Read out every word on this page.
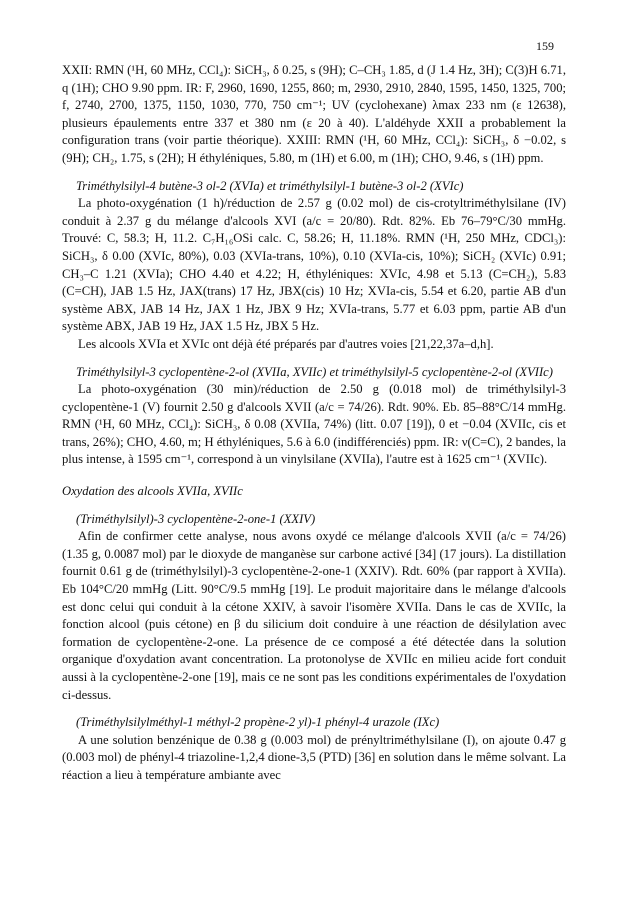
159

XXII: RMN (¹H, 60 MHz, CCl₄): SiCH₃, δ 0.25, s (9H); C–CH₃ 1.85, d (J 1.4 Hz, 3H); C(3)H 6.71, q (1H); CHO 9.90 ppm. IR: F, 2960, 1690, 1255, 860; m, 2930, 2910, 2840, 1595, 1450, 1325, 700; f, 2740, 2700, 1375, 1150, 1030, 770, 750 cm⁻¹; UV (cyclohexane) λmax 233 nm (ε 12638), plusieurs épaulements entre 337 et 380 nm (ε 20 à 40). L'aldéhyde XXII a probablement la configuration trans (voir partie théorique). XXIII: RMN (¹H, 60 MHz, CCl₄): SiCH₃, δ −0.02, s (9H); CH₂, 1.75, s (2H); H éthyléniques, 5.80, m (1H) et 6.00, m (1H); CHO, 9.46, s (1H) ppm.

Triméthylsilyl-4 butène-3 ol-2 (XVIa) et triméthylsilyl-1 butène-3 ol-2 (XVIc)

La photo-oxygénation (1 h)/réduction de 2.57 g (0.02 mol) de cis-crotyltriméthylsilane (IV) conduit à 2.37 g du mélange d'alcools XVI (a/c = 20/80). Rdt. 82%. Eb 76–79°C/30 mmHg. Trouvé: C, 58.3; H, 11.2. C₇H₁₆OSi calc. C, 58.26; H, 11.18%. RMN (¹H, 250 MHz, CDCl₃): SiCH₃, δ 0.00 (XVIc, 80%), 0.03 (XVIa-trans, 10%), 0.10 (XVIa-cis, 10%); SiCH₂ (XVIc) 0.91; CH₃–C 1.21 (XVIa); CHO 4.40 et 4.22; H, éthyléniques: XVIc, 4.98 et 5.13 (C=CH₂), 5.83 (C=CH), JAB 1.5 Hz, JAX(trans) 17 Hz, JBX(cis) 10 Hz; XVIa-cis, 5.54 et 6.20, partie AB d'un système ABX, JAB 14 Hz, JAX 1 Hz, JBX 9 Hz; XVIa-trans, 5.77 et 6.03 ppm, partie AB d'un système ABX, JAB 19 Hz, JAX 1.5 Hz, JBX 5 Hz.

Les alcools XVIa et XVIc ont déjà été préparés par d'autres voies [21,22,37a–d,h].

Triméthylsilyl-3 cyclopentène-2-ol (XVIIa, XVIIc) et triméthylsilyl-5 cyclopentène-2-ol (XVIIc)

La photo-oxygénation (30 min)/réduction de 2.50 g (0.018 mol) de triméthylsilyl-3 cyclopentène-1 (V) fournit 2.50 g d'alcools XVII (a/c = 74/26). Rdt. 90%. Eb. 85–88°C/14 mmHg. RMN (¹H, 60 MHz, CCl₄): SiCH₃, δ 0.08 (XVIIa, 74%) (litt. 0.07 [19]), 0 et −0.04 (XVIIc, cis et trans, 26%); CHO, 4.60, m; H éthyléniques, 5.6 à 6.0 (indifférenciés) ppm. IR: ν(C=C), 2 bandes, la plus intense, à 1595 cm⁻¹, correspond à un vinylsilane (XVIIa), l'autre est à 1625 cm⁻¹ (XVIIc).

Oxydation des alcools XVIIa, XVIIc

(Triméthylsilyl)-3 cyclopentène-2-one-1 (XXIV)

Afin de confirmer cette analyse, nous avons oxydé ce mélange d'alcools XVII (a/c = 74/26) (1.35 g, 0.0087 mol) par le dioxyde de manganèse sur carbone activé [34] (17 jours). La distillation fournit 0.61 g de (triméthylsilyl)-3 cyclopentène-2-one-1 (XXIV). Rdt. 60% (par rapport à XVIIa). Eb 104°C/20 mmHg (Litt. 90°C/9.5 mmHg [19]. Le produit majoritaire dans le mélange d'alcools est donc celui qui conduit à la cétone XXIV, à savoir l'isomère XVIIa. Dans le cas de XVIIc, la fonction alcool (puis cétone) en β du silicium doit conduire à une réaction de désilylation avec formation de cyclopentène-2-one. La présence de ce composé a été détectée dans la solution organique d'oxydation avant concentration. La protonolyse de XVIIc en milieu acide fort conduit aussi à la cyclopentène-2-one [19], mais ce ne sont pas les conditions expérimentales de l'oxydation ci-dessus.

(Triméthylsilylméthyl-1 méthyl-2 propène-2 yl)-1 phényl-4 urazole (IXc)

A une solution benzénique de 0.38 g (0.003 mol) de prényltriméthylsilane (I), on ajoute 0.47 g (0.003 mol) de phényl-4 triazoline-1,2,4 dione-3,5 (PTD) [36] en solution dans le même solvant. La réaction a lieu à température ambiante avec
